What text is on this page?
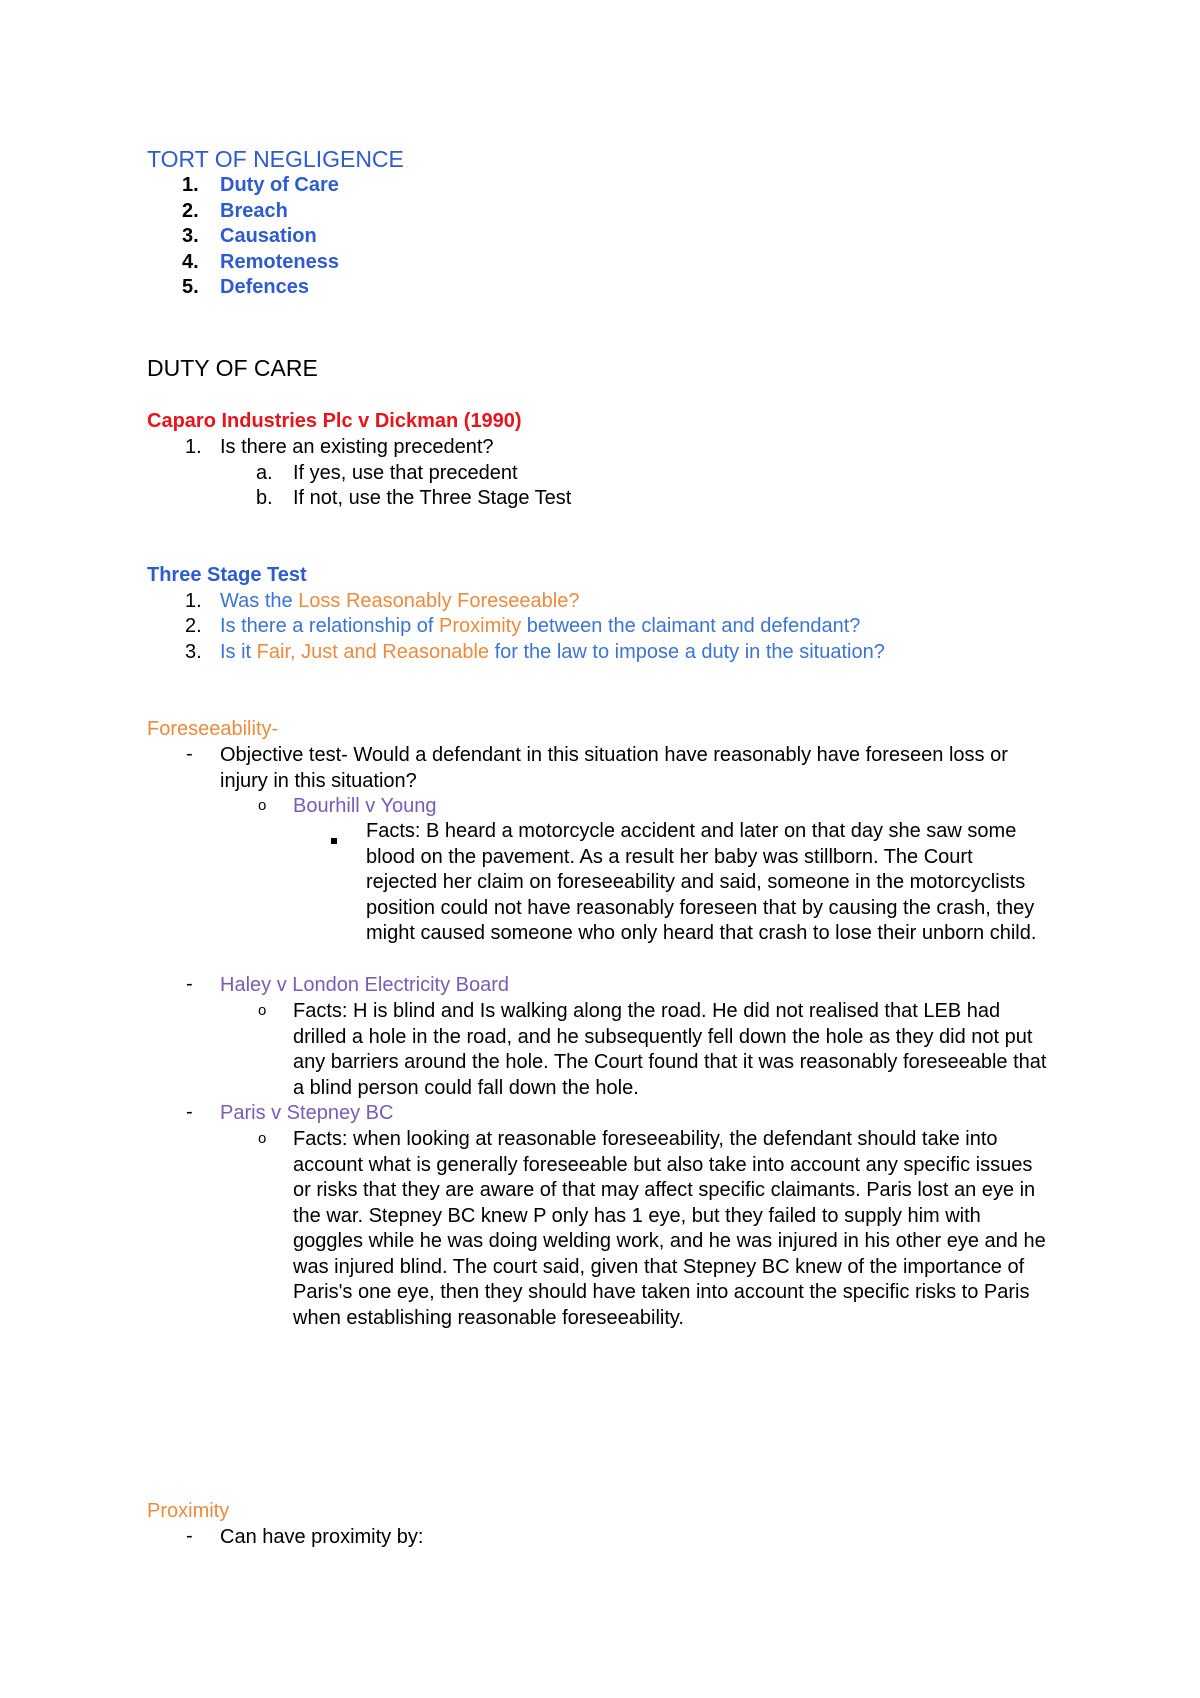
TORT OF NEGLIGENCE
1. Duty of Care
2. Breach
3. Causation
4. Remoteness
5. Defences
DUTY OF CARE
Caparo Industries Plc v Dickman (1990)
1. Is there an existing precedent?
a. If yes, use that precedent
b. If not, use the Three Stage Test
Three Stage Test
1. Was the Loss Reasonably Foreseeable?
2. Is there a relationship of Proximity between the claimant and defendant?
3. Is it Fair, Just and Reasonable for the law to impose a duty in the situation?
Foreseeability-
- Objective test- Would a defendant in this situation have reasonably have foreseen loss or injury in this situation?
o Bourhill v Young
Facts: B heard a motorcycle accident and later on that day she saw some blood on the pavement. As a result her baby was stillborn. The Court rejected her claim on foreseeability and said, someone in the motorcyclists position could not have reasonably foreseen that by causing the crash, they might caused someone who only heard that crash to lose their unborn child.
- Haley v London Electricity Board
o Facts: H is blind and Is walking along the road. He did not realised that LEB had drilled a hole in the road, and he subsequently fell down the hole as they did not put any barriers around the hole. The Court found that it was reasonably foreseeable that a blind person could fall down the hole.
- Paris v Stepney BC
o Facts: when looking at reasonable foreseeability, the defendant should take into account what is generally foreseeable but also take into account any specific issues or risks that they are aware of that may affect specific claimants. Paris lost an eye in the war. Stepney BC knew P only has 1 eye, but they failed to supply him with goggles while he was doing welding work, and he was injured in his other eye and he was injured blind. The court said, given that Stepney BC knew of the importance of Paris's one eye, then they should have taken into account the specific risks to Paris when establishing reasonable foreseeability.
Proximity
- Can have proximity by:
